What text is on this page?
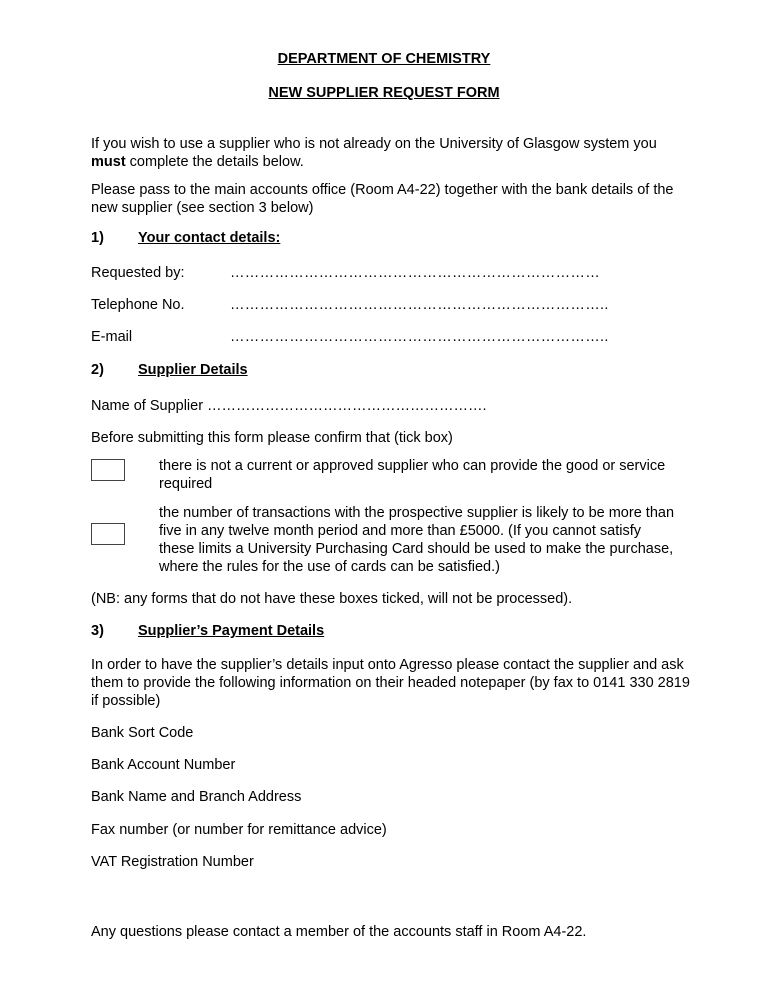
DEPARTMENT OF CHEMISTRY

NEW SUPPLIER REQUEST FORM

If you wish to use a supplier who is not already on the University of Glasgow system you must complete the details below.

Please pass to the main accounts office (Room A4-22) together with the bank details of the new supplier (see section 3 below)

1) Your contact details:
Requested by:	…………………………………………………………………
Telephone No.	…………………………………………………………………..
E-mail	…………………………………………………………………..
2) Supplier Details
Name of Supplier ………………………………………………….
Before submitting this form please confirm that (tick box)

there is not a current or approved supplier who can provide the good or service required

the number of transactions with the prospective supplier is likely to be more than five in any twelve month period and more than £5000. (If you cannot satisfy these limits a University Purchasing Card should be used to make the purchase, where the rules for the use of cards can be satisfied.)

(NB: any forms that do not have these boxes ticked, will not be processed).
3) Supplier’s Payment Details

In order to have the supplier’s details input onto Agresso please contact the supplier and ask them to provide the following information on their headed notepaper (by fax to 0141 330 2819 if possible)

Bank Sort Code
Bank Account Number
Bank Name and Branch Address
Fax number (or number for remittance advice)
VAT Registration Number
Any questions please contact a member of the accounts staff in Room A4-22.
